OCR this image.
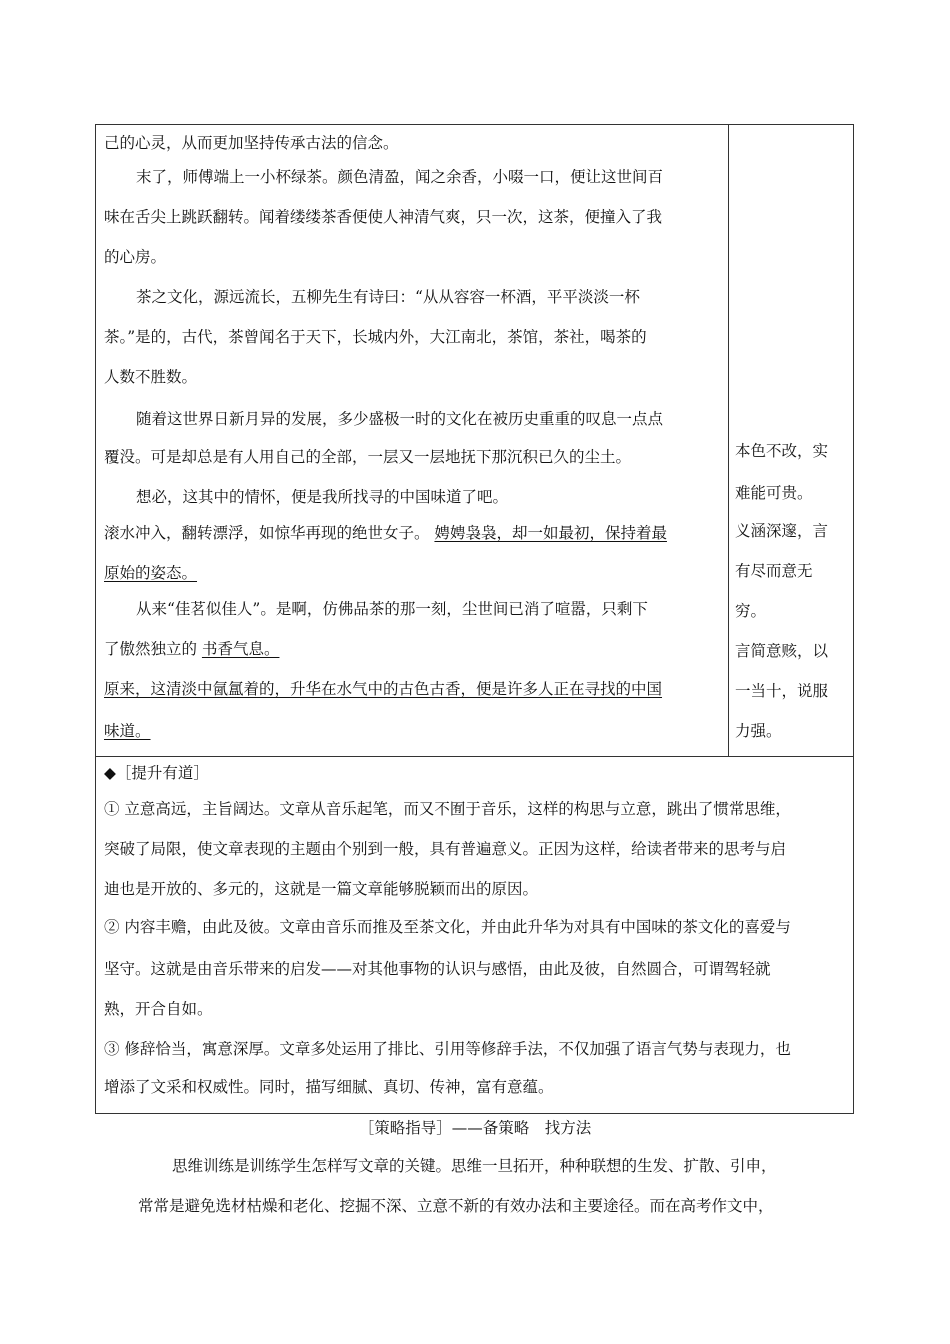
己的心灵，从而更加坚持传承古法的信念。
末了，师傅端上一小杯绿茶。颜色清盈，闻之余香，小啜一口，便让这世间百
味在舌尖上跳跃翻转。闻着缕缕茶香便使人神清气爽，只一次，这茶，便撞入了我
的心房。
茶之文化，源远流长，五柳先生有诗曰：“从从容容一杯酒，平平淡淡一杯
茶。”是的，古代，茶曾闻名于天下，长城内外，大江南北，茶馆，茶社，喝茶的
人数不胜数。
随着这世界日新月异的发展，多少盛极一时的文化在被历史重重的叹息一点点
覆没。可是却总是有人用自己的全部，一层又一层地抚下那沉积已久的尘土。
想必，这其中的情怀，便是我所找寻的中国味道了吧。
滚水冲入，翻转漂浮，如惊华再现的绝世女子。 娉娉袅袅，却一如最初，保持着最
原始的姿态。
从来“佳茗似佳人”。是啊，仿佛品茶的那一刻，尘世间已消了喧嚣，只剩下
了傲然独立的 书香气息。
原来，这清淡中氤氲着的，升华在水气中的古色古香，便是许多人正在寻找的中国
味道。
本色不改，实
难能可贵。
义涵深邃，言
有尽而意无
穷。
言简意赅，以
一当十，说服
力强。
◆［提升有道］
① 立意高远，主旨阔达。文章从音乐起笔，而又不囿于音乐，这样的构思与立意，跳出了惯常思维，
突破了局限，使文章表现的主题由个别到一般，具有普遍意义。正因为这样，给读者带来的思考与启
迪也是开放的、多元的，这就是一篇文章能够脱颖而出的原因。
② 内容丰赡，由此及彼。文章由音乐而推及至茶文化，并由此升华为对具有中国味的茶文化的喜爱与
坚守。这就是由音乐带来的启发——对其他事物的认识与感悟，由此及彼，自然圆合，可谓驾轻就
熟，开合自如。
③ 修辞恰当，寓意深厚。文章多处运用了排比、引用等修辞手法，不仅加强了语言气势与表现力，也
增添了文采和权威性。同时，描写细腻、真切、传神，富有意蕴。
［策略指导］——备策略　找方法
思维训练是训练学生怎样写文章的关键。思维一旦拓开，种种联想的生发、扩散、引申，
常常是避免选材枯燥和老化、挖掘不深、立意不新的有效办法和主要途径。而在高考作文中，
